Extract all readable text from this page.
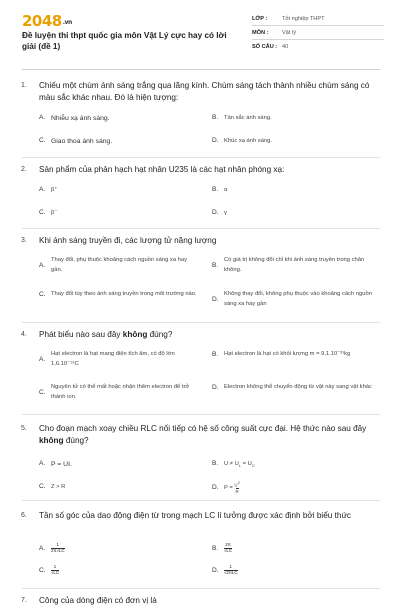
2048.vn
Đề luyện thi thpt quốc gia môn Vật Lý cực hay có lời giải (đề 1)
LỚP :	Tốt nghiệp THPT
MÔN :	Vật lý
SỐ CÂU : 40
1. Chiếu một chùm ánh sáng trắng qua lăng kính. Chùm sáng tách thành nhiều chùm sáng có màu sắc khác nhau. Đó là hiện tượng:
A. Nhiễu xạ ánh sáng.	B. Tán sắc ánh sáng.
C. Giao thoa ánh sáng.	D. Khúc xạ ánh sáng.
2. Sản phẩm của phản hạch hạt nhân U235 là các hạt nhân phóng xạ:
A. β⁺	B. α
C. β⁻	D. γ
3. Khi ánh sáng truyền đi, các lượng tử năng lượng
A.
Thay đổi, phụ thuộc khoảng cách nguồn sáng xa hay gần.
B.
Có giá trị không đổi chỉ khi ánh sáng truyền trong chân không.
C. Thay đổi tùy theo ánh sáng truyền trong môi trường nào.
D.
Không thay đổi, không phụ thuộc vào khoảng cách nguồn sáng xa hay gần
4. Phát biểu nào sau đây không đúng?
A.
Hạt electron là hạt mang điện tích âm, có độ lớn 1,6.10⁻¹⁹C
B. Hạt electron là hạt có khối lượng m = 9,1.10⁻³¹kg
C.
Nguyên tử có thể mất hoặc nhận thêm electron để trở thành ion.
D. Electron không thể chuyển động từ vật này sang vật khác
5. Cho đoạn mạch xoay chiều RLC nối tiếp có hệ số công suất cực đại. Hệ thức nào sau đây không đúng?
A. P = UI.	B. $U \ne U_L = U_C$
C. Z > R	D. $P = \frac{U^2}{R}$
6. Tần số góc của dao động điện từ trong mạch LC lí tưởng được xác định bởi biểu thức
A.	$\frac{1}{2\pi√LC}$	B.	$\frac{2\pi}{√LC}$
C.	$\frac{1}{√LC}$	D.	$\frac{1}{\text{√2πLC}}$
7. Công của dòng điện có đơn vị là
